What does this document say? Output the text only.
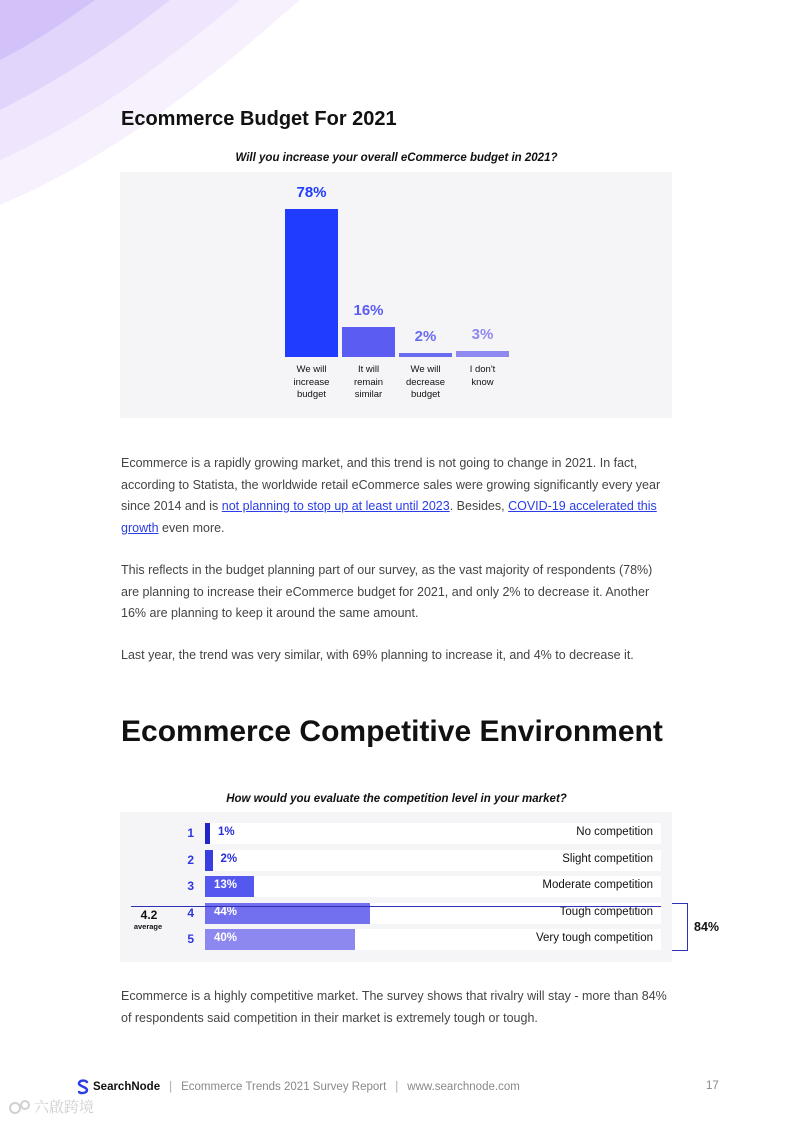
Ecommerce Budget For 2021
Will you increase your overall eCommerce budget in 2021?
78%
We will
increase
budget
16%
It will
remain
similar
2%
We will
decrease
budget
3%
I don't
know

Ecommerce is a rapidly growing market, and this trend is not going to change in 2021. In fact, according to Statista, the worldwide retail eCommerce sales were growing significantly every year since 2014 and is not planning to stop up at least until 2023. Besides, COVID-19 accelerated this growth even more.

This reflects in the budget planning part of our survey, as the vast majority of respondents (78%) are planning to increase their eCommerce budget for 2021, and only 2% to decrease it. Another 16% are planning to keep it around the same amount.

Last year, the trend was very similar, with 69% planning to increase it, and 4% to decrease it.

Ecommerce Competitive Environment
How would you evaluate the competition level in your market?
1 1%	No competition
2 2%	Slight competition
3 13%	Moderate competition
4 44%	Tough competition
5 40%	Very tough competition
4.2
average	84%

Ecommerce is a highly competitive market. The survey shows that rivalry will stay - more than 84% of respondents said competition in their market is extremely tough or tough.

SearchNode | Ecommerce Trends 2021 Survey Report | www.searchnode.com	17
六啟跨境
